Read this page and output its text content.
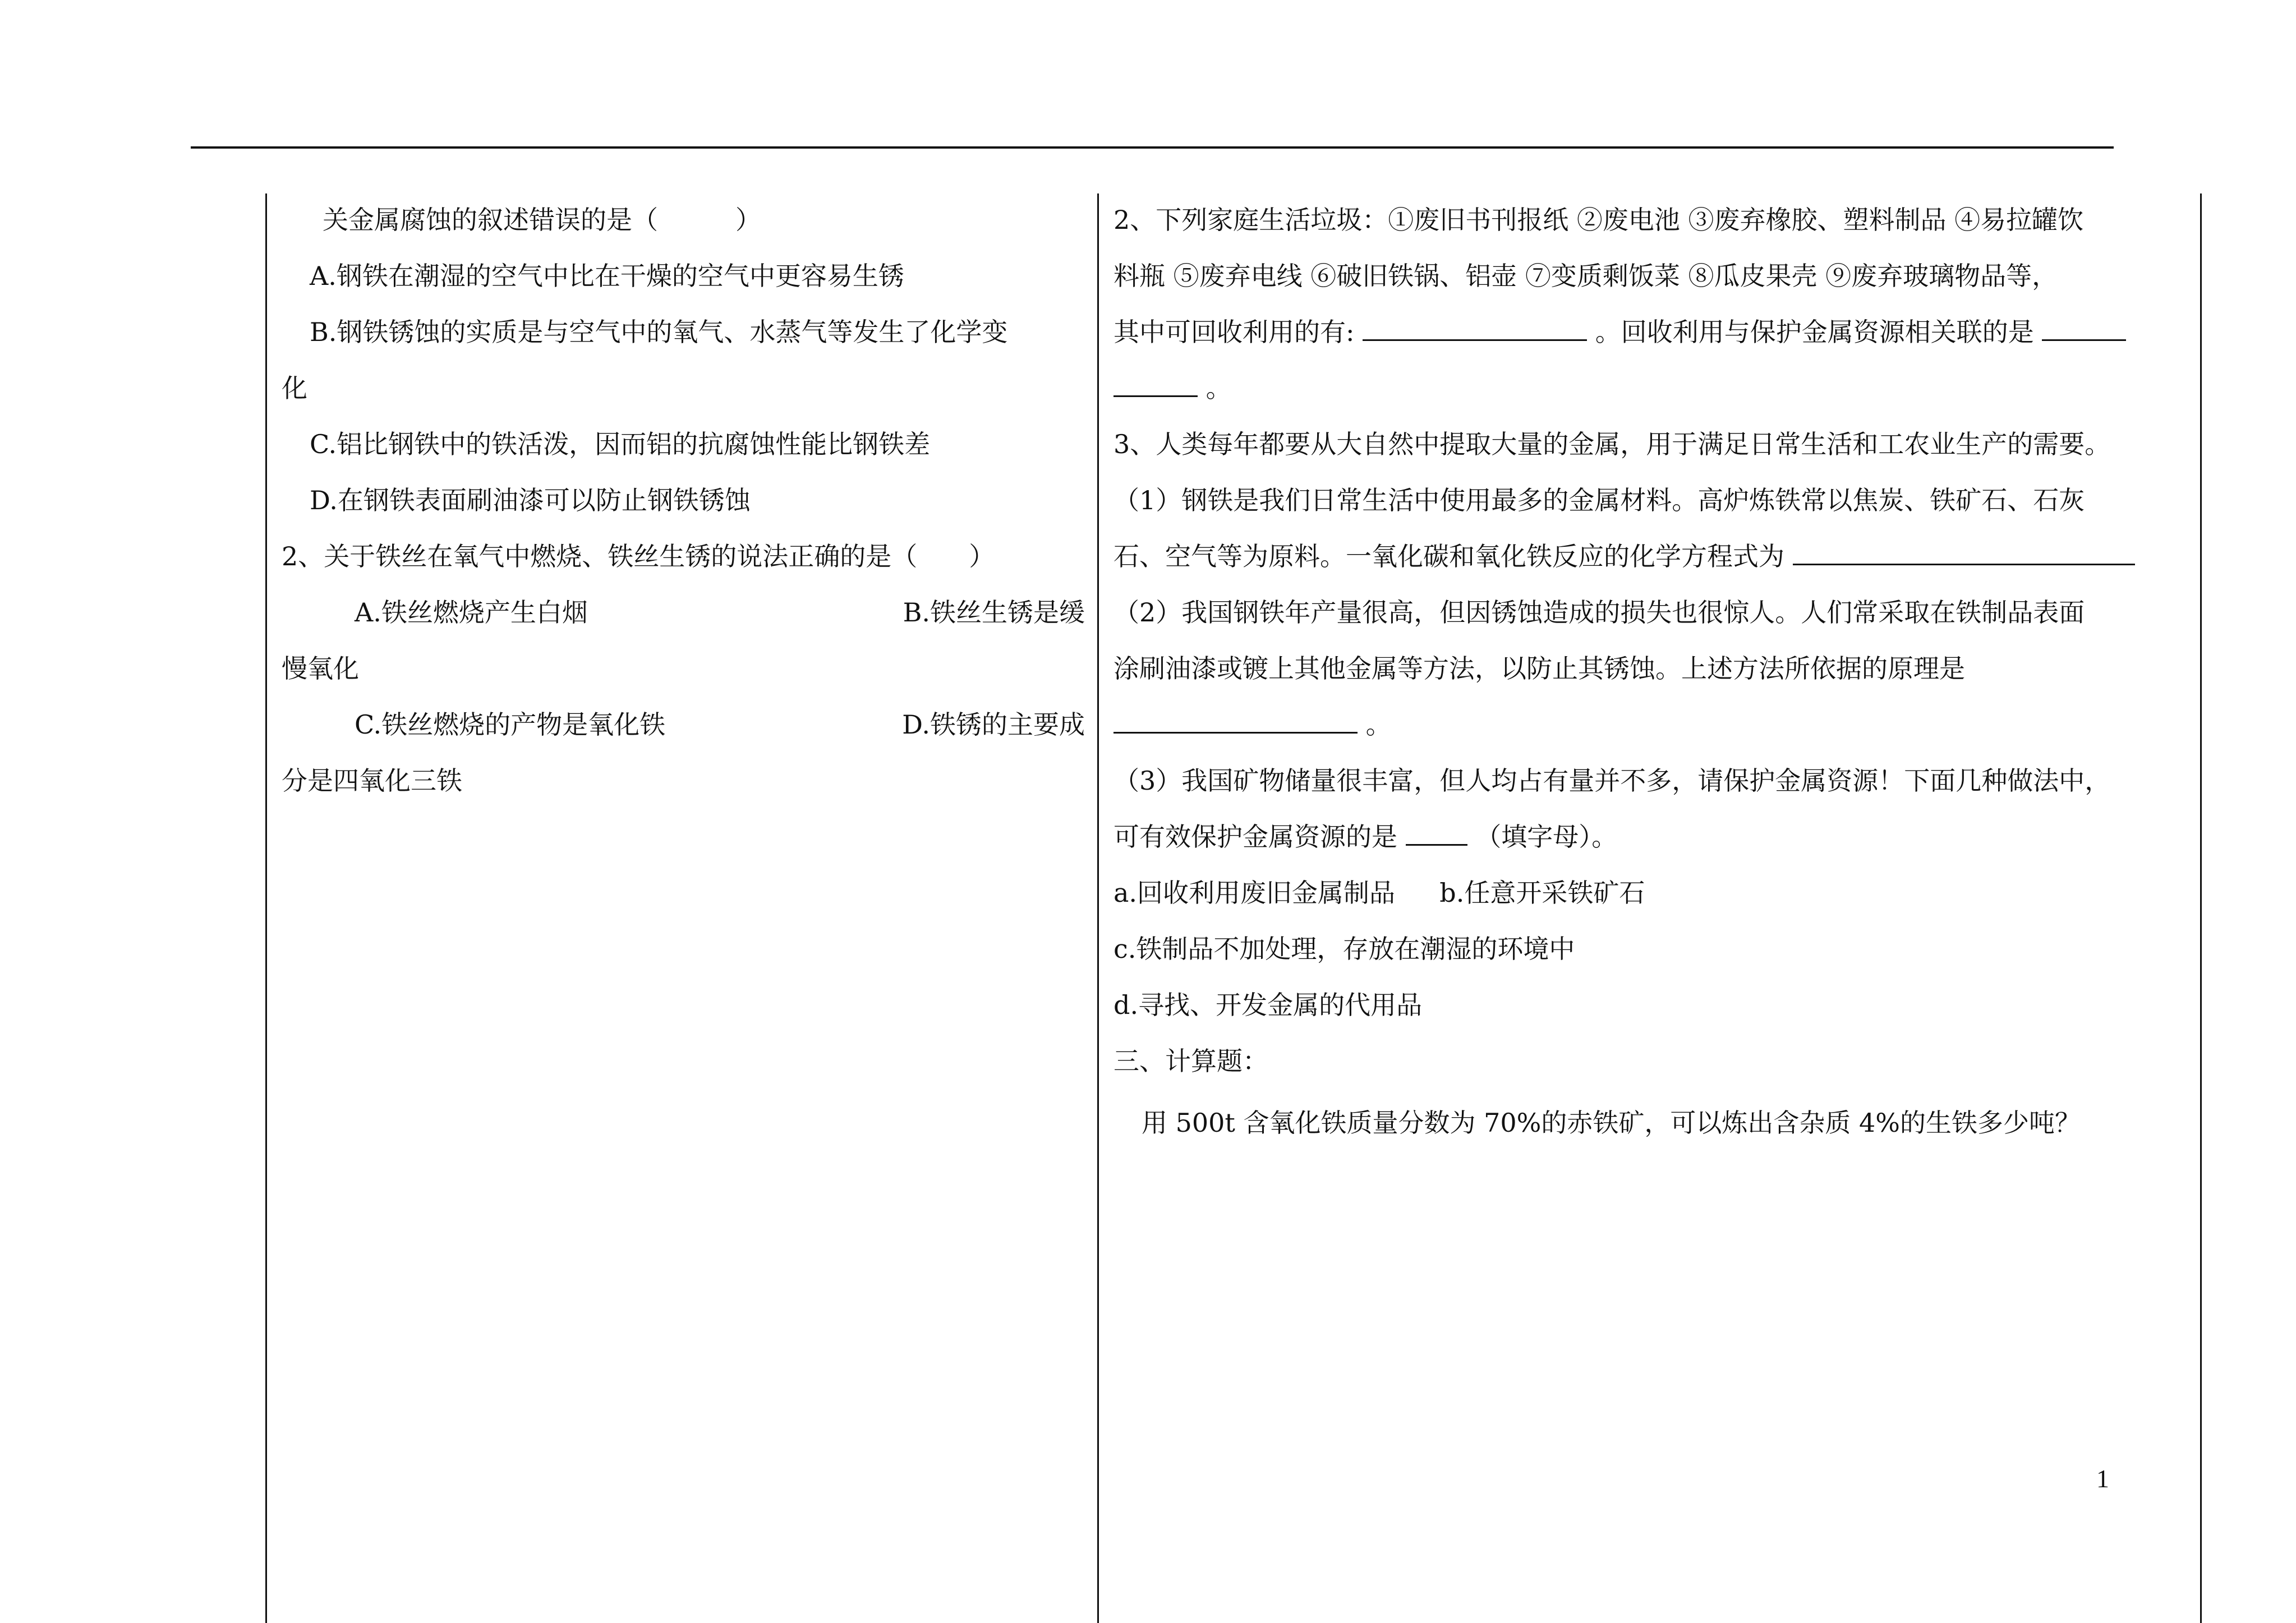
关金属腐蚀的叙述错误的是（　　　）
A.钢铁在潮湿的空气中比在干燥的空气中更容易生锈
B.钢铁锈蚀的实质是与空气中的氧气、水蒸气等发生了化学变
化
C.铝比钢铁中的铁活泼，因而铝的抗腐蚀性能比钢铁差
D.在钢铁表面刷油漆可以防止钢铁锈蚀
2、关于铁丝在氧气中燃烧、铁丝生锈的说法正确的是（　　）
A.铁丝燃烧产生白烟	B.铁丝生锈是缓
慢氧化
C.铁丝燃烧的产物是氧化铁	D.铁锈的主要成
分是四氧化三铁
2、下列家庭生活垃圾：①废旧书刊报纸 ②废电池 ③废弃橡胶、塑料制品 ④易拉罐饮
料瓶 ⑤废弃电线 ⑥破旧铁锅、铝壶 ⑦变质剩饭菜 ⑧瓜皮果壳 ⑨废弃玻璃物品等，
其中可回收利用的有:	。回收利用与保护金属资源相关联的是
。
3、人类每年都要从大自然中提取大量的金属，用于满足日常生活和工农业生产的需要。
（1）钢铁是我们日常生活中使用最多的金属材料。高炉炼铁常以焦炭、铁矿石、石灰
石、空气等为原料。一氧化碳和氧化铁反应的化学方程式为
（2）我国钢铁年产量很高，但因锈蚀造成的损失也很惊人。人们常采取在铁制品表面
涂刷油漆或镀上其他金属等方法，以防止其锈蚀。上述方法所依据的原理是
。
（3）我国矿物储量很丰富，但人均占有量并不多，请保护金属资源！下面几种做法中，
可有效保护金属资源的是	（填字母）。
a.回收利用废旧金属制品 b.任意开采铁矿石
c.铁制品不加处理，存放在潮湿的环境中
d.寻找、开发金属的代用品
三、计算题：
用 500t 含氧化铁质量分数为 70%的赤铁矿，可以炼出含杂质 4%的生铁多少吨？
1
